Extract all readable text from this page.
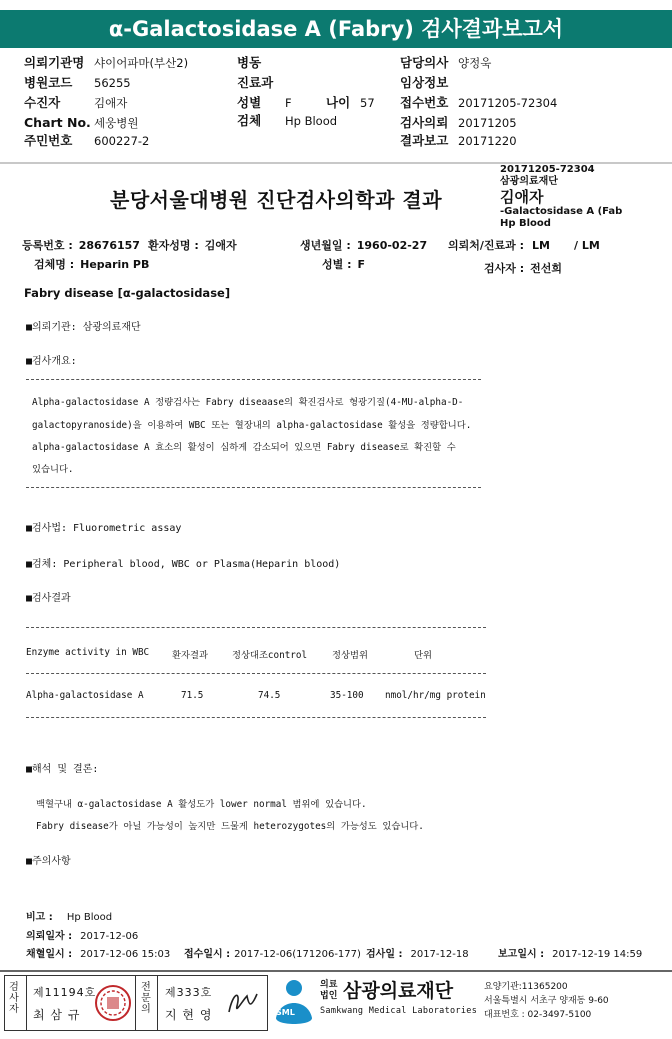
α-Galactosidase A (Fabry) 검사결과보고서
의뢰기관명 샤이어파마(부산2)
병원코드 56255
수진자	김애자
Chart No. 세웅병원
주민번호 600227-2
병동
진료과
성별 F	나이 57
검체 Hp Blood
담당의사 양정욱
임상정보
접수번호 20171205-72304
검사의뢰 20171205
결과보고 20171220
20171205-72304
삼광의료재단
김애자
-Galactosidase A (Fab
Hp Blood
분당서울대병원 진단검사의학과 결과
등록번호 : 28676157 환자성명 : 김애자	생년월일 : 1960-02-27 의뢰처/진료과 : LM / LM
검체명 : Heparin PB	성별 : F	검사자 : 전선희
Fabry disease [α-galactosidase]
■의뢰기관: 삼광의료재단
■검사개요:
Alpha-galactosidase A 정량검사는 Fabry diseaase의 확진검사로 형광기질(4-MU-alpha-D-
galactopyranoside)을 이용하여 WBC 또는 혈장내의 alpha-galactosidase 활성을 정량합니다.
alpha-galactosidase A 효소의 활성이 심하게 감소되어 있으면 Fabry disease로 확진할 수
있습니다.
■검사법: Fluorometric assay
■검체: Peripheral blood, WBC or Plasma(Heparin blood)
■검사결과
Enzyme activity in WBC 환자결과	정상대조control	정상범위	단위
Alpha-galactosidase A	71.5	74.5	35-100 nmol/hr/mg protein
■해석 및 결론:
백혈구내 α-galactosidase A 활성도가 lower normal 범위에 있습니다.
Fabry disease가 아닐 가능성이 높지만 드물게 heterozygotes의 가능성도 있습니다.
■주의사항
비고 : Hp Blood
의뢰일자 : 2017-12-06
채혈일시 : 2017-12-06 15:03 접수일시 : 2017-12-06(171206-177) 검사일 : 2017-12-18	보고일시 : 2017-12-19 14:59
검
사
자
제11194호
최 삼 규
전
문
의
제333호
지 현 영	SML
의료
법인 삼광의료재단
Samkwang Medical Laboratories
요양기관:11365200
서울특별시 서초구 양재동 9-60
대표번호 : 02-3497-5100
